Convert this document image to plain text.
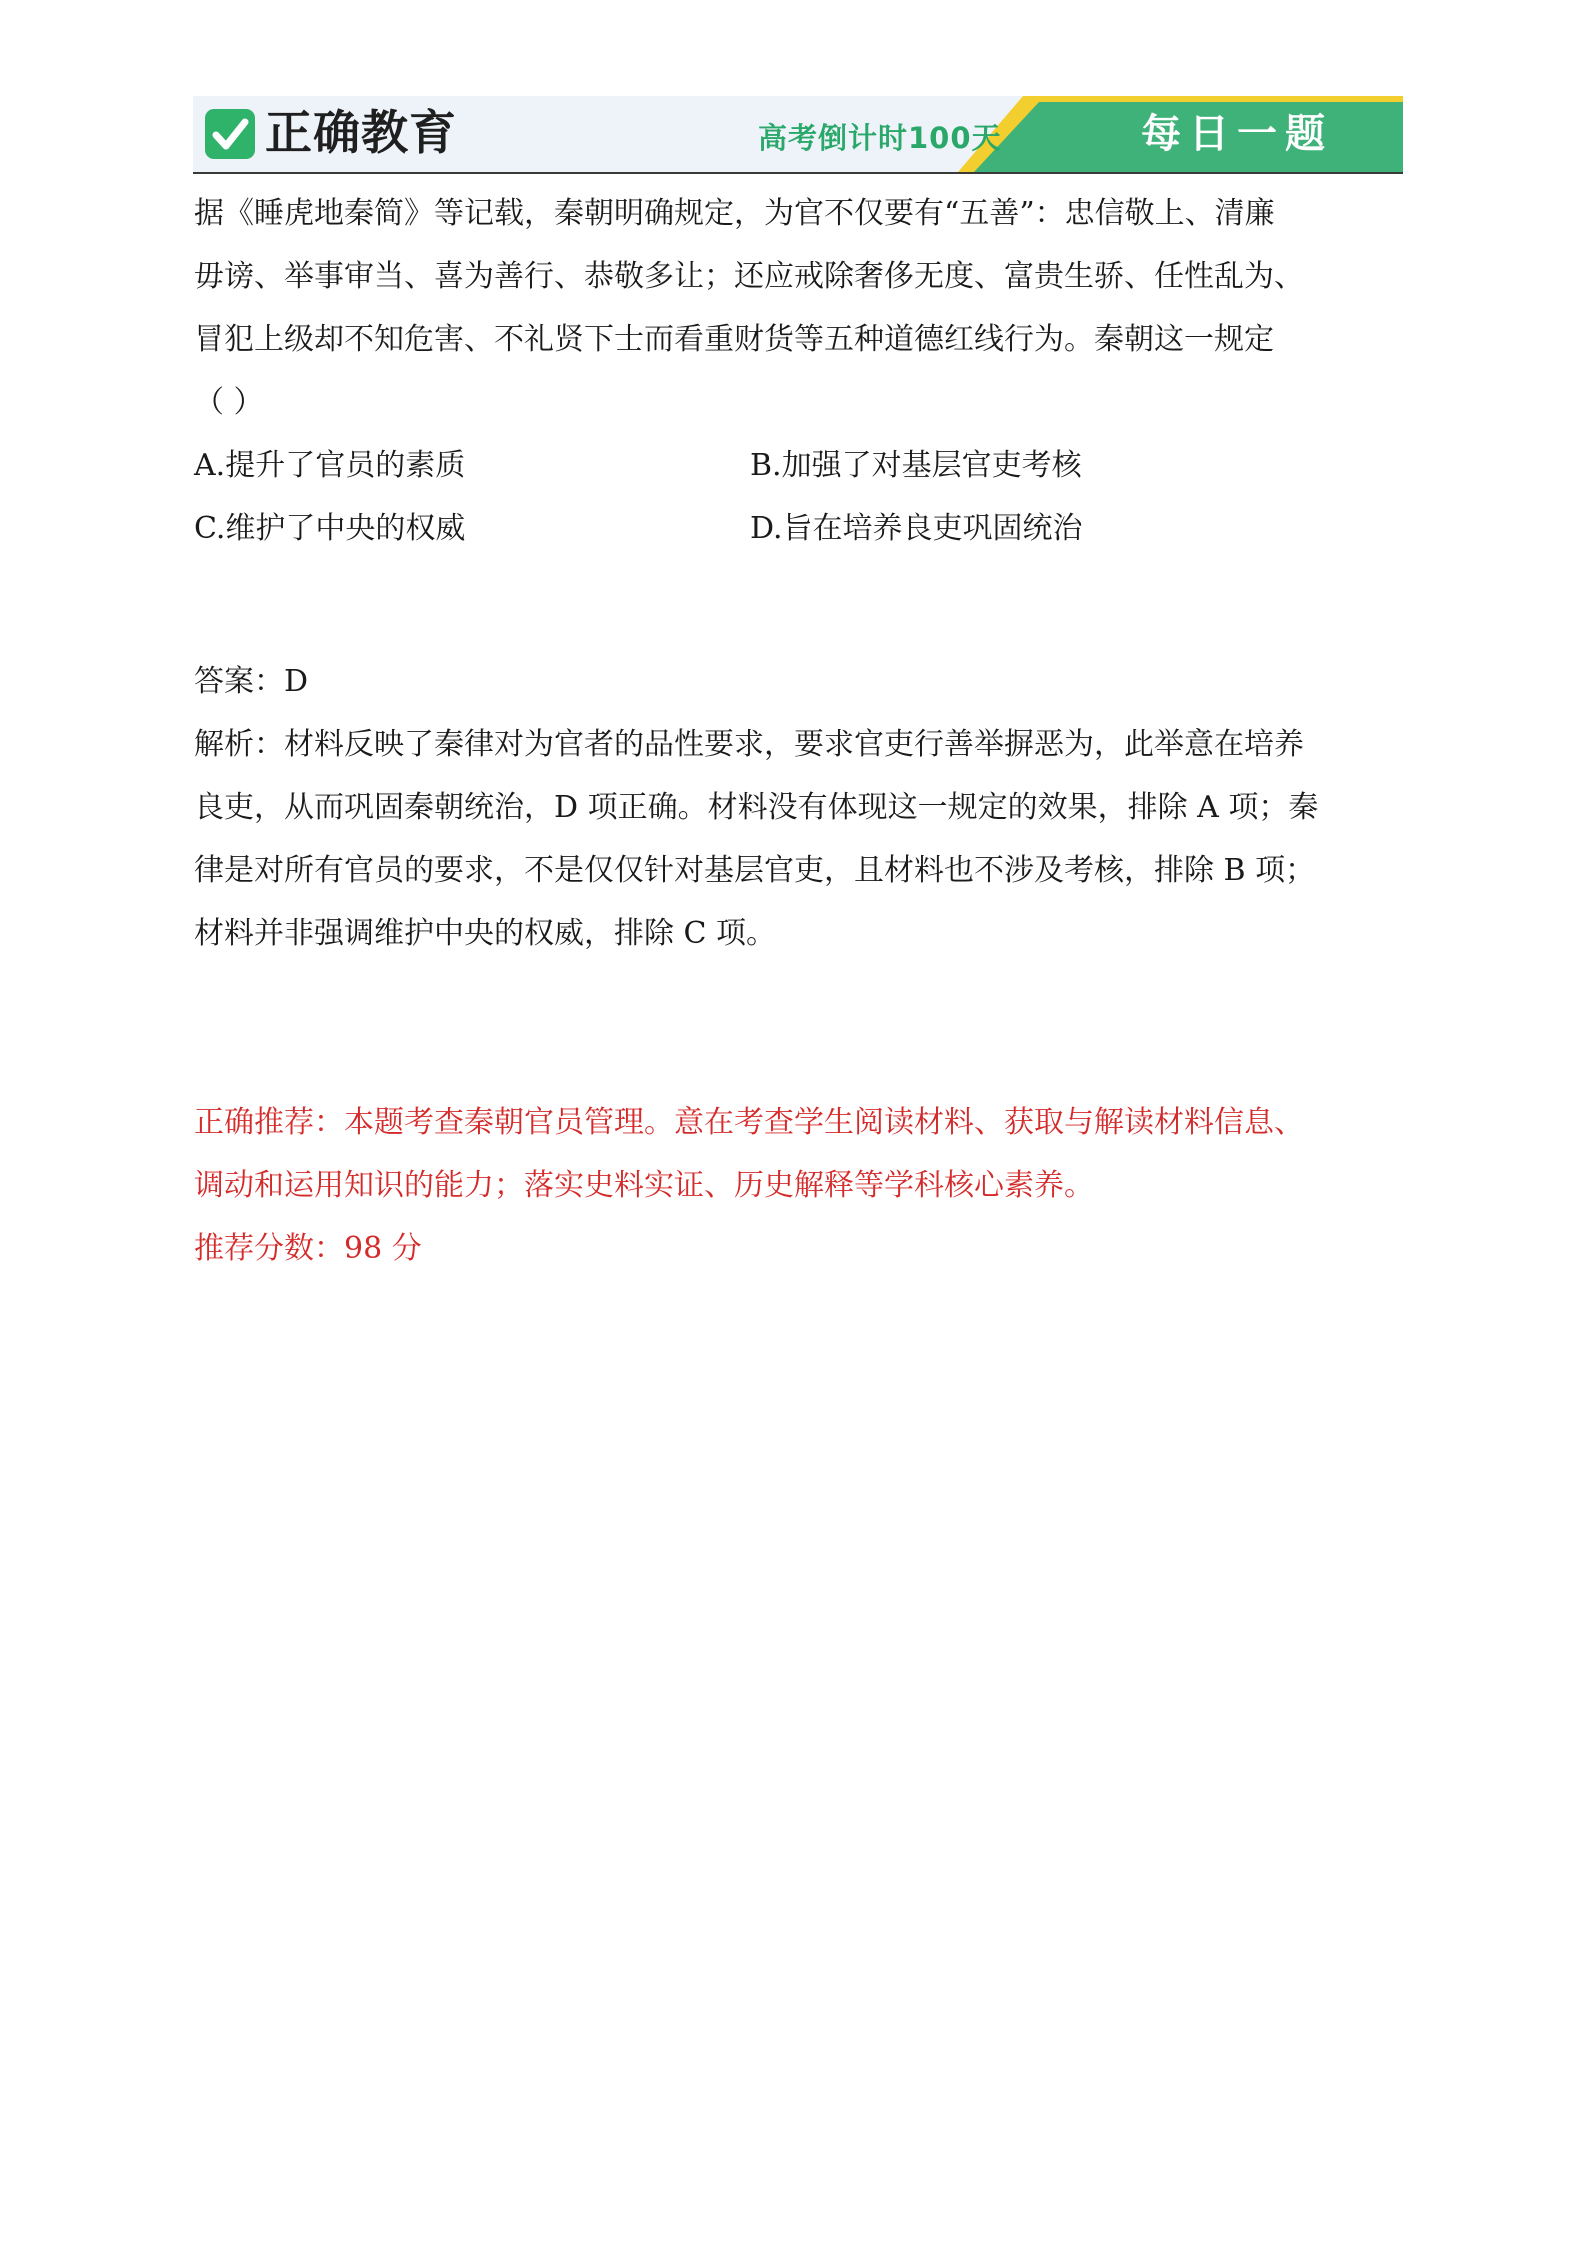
正确教育	高考倒计时100天	每日一题

据《睡虎地秦简》等记载，秦朝明确规定，为官不仅要有“五善”：忠信敬上、清廉

毋谤、举事审当、喜为善行、恭敬多让；还应戒除奢侈无度、富贵生骄、任性乱为、

冒犯上级却不知危害、不礼贤下士而看重财货等五种道德红线行为。秦朝这一规定

（ ）

A.提升了官员的素质	B.加强了对基层官吏考核
C.维护了中央的权威	D.旨在培养良吏巩固统治

答案：D

解析：材料反映了秦律对为官者的品性要求，要求官吏行善举摒恶为，此举意在培养

良吏，从而巩固秦朝统治，D 项正确。材料没有体现这一规定的效果，排除 A 项；秦

律是对所有官员的要求，不是仅仅针对基层官吏，且材料也不涉及考核，排除 B 项；

材料并非强调维护中央的权威，排除 C 项。

正确推荐：本题考查秦朝官员管理。意在考查学生阅读材料、获取与解读材料信息、

调动和运用知识的能力；落实史料实证、历史解释等学科核心素养。

推荐分数：98 分
